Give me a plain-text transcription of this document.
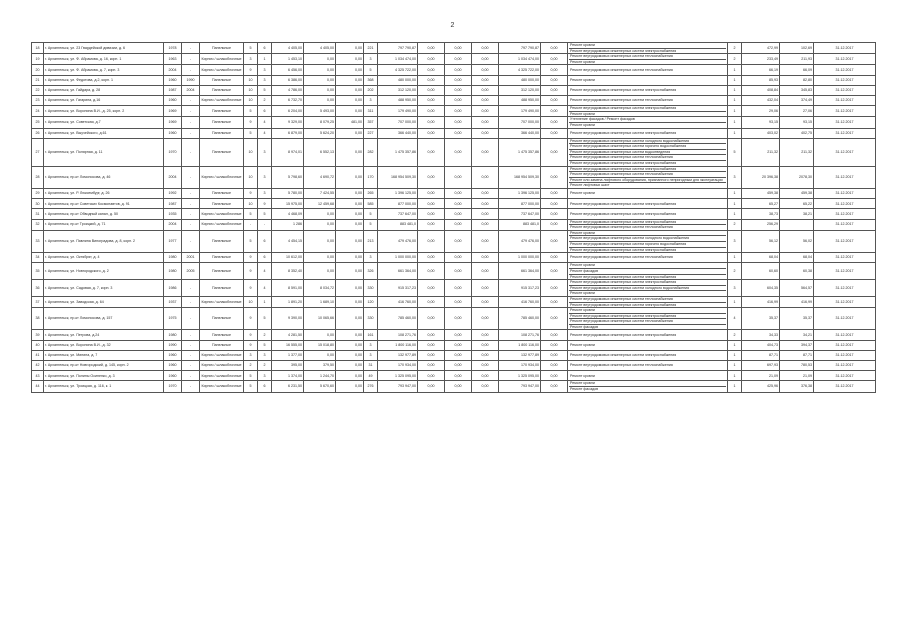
2
18	г. Архангельск, ул. 23 Гвардейской дивизии, д. 6	1978	-	Панельные	5	6	4 405,00	4 405,00	0,00	221	797 790,87	0,00	0,00	0,00	797 790,87	0,00	Ремонт кровли
Ремонт внутридомовых инженерных систем электроснабжения	2	472,99	102,69	31.12.2017
19	г. Архангельск, ул. Ф. Абрамова, д. 16, корп. 1	1963	-	Кирпич / шлакоблочные	3	1	1 453,10	0,00	0,00	3	1 034 474,00	0,00	0,00	0,00	1 034 474,00	0,00	Ремонт внутридомовых инженерных систем теплоснабжения
Ремонт кровли	2	233,49	211,93	31.12.2017
20	г. Архангельск, ул. Ф. Абрамова, д. 7, корп. 3	2004	-	Кирпич / шлакоблочные	9	3	6 456,00	0,00	0,00	5	4 325 722,00	0,00	0,00	0,00	4 325 722,00	0,00	Ремонт внутридомовых инженерных систем теплоснабжения	1	66,19	66,09	31.12.2017
21	г. Архангельск, ул. Федотова, д.2, корп. 1	1960	1990	Панельные	10	3	6 386,00	0,00	0,00	368	480 000,00	0,00	0,00	0,00	480 000,00	0,00	Ремонт кровли	1	85,93	82,80	31.12.2017
22	г. Архангельск, ул. Гайдара, д. 28	1987	2004	Панельные	10	5	4 786,00	0,00	0,00	202	312 120,00	0,00	0,00	0,00	312 120,00	0,00	Ремонт внутридомовых инженерных систем электроснабжения	1	408,84	345,83	31.12.2017
23	г. Архангельск, ул. Гагарина, д.16	1960	-	Кирпич / шлакоблочные	10	2	6 732,70	0,00	0,00	3	488 950,00	0,00	0,00	0,00	488 950,00	0,00	Ремонт внутридомовых инженерных систем теплоснабжения	1	432,04	374,49	31.12.2017
24	г. Архангельск, ул. Воронина В.И., д. 25, корп. 2	1969	-	Панельные	5	6	6 204,00	5 493,00	0,00	311	179 490,00	0,00	0,00	0,00	179 490,00	0,00	Ремонт внутридомовых инженерных систем электроснабжения
Ремонт кровли	1	29,06	27,06	31.12.2017
25	г. Архангельск, ул. Советская, д.7	1969	-	Панельные	9	4	9 329,00	8 079,25	481,00	357	707 000,00	0,00	0,00	0,00	707 000,00	0,00	Утепление фасадов / Ремонт фасадов
Ремонт кровли	1	93,15	93,15	31.12.2017
26	г. Архангельск, ул. Выучейского, д.61	1960	-	Панельные	5	4	6 879,00	5 624,20	0,00	227	366 440,00	0,00	0,00	0,00	366 440,00	0,00	Ремонт внутридомовых инженерных систем электроснабжения	1	403,02	402,75	31.12.2017
27	г. Архангельск, ул. Полярная, д. 11	1970	-	Панельные	10	3	8 974,01	6 552,13	0,00	282	1 475 357,86	0,00	0,00	0,00	1 475 357,86	0,00	Ремонт внутридомовых инженерных систем холодного водоснабжения
Ремонт внутридомовых инженерных систем горячего водоснабжения
Ремонт внутридомовых инженерных систем водоотведения
Ремонт внутридомовых инженерных систем теплоснабжения
Ремонт внутридомовых инженерных систем электроснабжения	5	211,32	211,32	31.12.2017
28	г. Архангельск, пр-кт Ломоносова, д. 46	2004	-	Кирпич / шлакоблочные	10	3	5 798,60	4 690,72	0,00	170	168 954 509,30	0,00	0,00	0,00	168 954 509,30	0,00	Ремонт внутридомовых инженерных систем электроснабжения
Ремонт внутридомовых инженерных систем теплоснабжения
Ремонт или замена лифтового оборудования, признанного непригодным для эксплуатации
Ремонт лифтовых шахт	3	20 396,38	2078,30	31.12.2017
29	г. Архангельск, ул. Р. Люксембург, д. 26	1992	-	Панельные	9	3	5 780,00	7 424,55	0,00	265	1 396 125,00	0,00	0,00	0,00	1 396 125,00	0,00	Ремонт кровли	1	459,38	459,38	31.12.2017
30	г. Архангельск, пр-кт Советских Космонавтов, д. 91	1987	-	Панельные	10	9	15 975,00	12 459,68	0,00	585	877 000,00	0,00	0,00	0,00	877 000,00	0,00	Ремонт внутридомовых инженерных систем электроснабжения	1	65,27	65,22	31.12.2017
31	г. Архангельск, пр-кт Обводный канал, д. 50	1935	-	Кирпич / шлакоблочные	5	5	4 468,09	0,00	0,00	5	737 647,00	0,00	0,00	0,00	737 647,00	0,00	Ремонт внутридомовых инженерных систем электроснабжения	1	38,73	38,21	31.12.2017
32	г. Архангельск, пр-кт Троицкий, д. 71	2004	-	Кирпич / шлакоблочные	-	-	1 286	0,00	0,00	5	883 481,0	0,00	0,00	0,00	883 481,0	0,00	Ремонт внутридомовых инженерных систем электроснабжения
Ремонт внутридомовых инженерных систем теплоснабжения	2	256,29		31.12.2017
33	г. Архангельск, ул. Павлина Виноградова, д. 8, корп. 2	1977	-	Панельные	5	6	4 454,15	0,00	0,00	213	479 476,00	0,00	0,00	0,00	479 476,00	0,00	Ремонт кровли
Ремонт внутридомовых инженерных систем холодного водоснабжения
Ремонт внутридомовых инженерных систем горячего водоснабжения
Ремонт внутридомовых инженерных систем электроснабжения	3	56,12	56,02	31.12.2017
34	г. Архангельск, ул. Октябрят, д. 4	1980	2001	Панельные	9	6	10 612,00	0,00	0,00	3	1 000 000,00	0,00	0,00	0,00	1 000 000,00	0,00	Ремонт внутридомовых инженерных систем теплоснабжения	1	68,04	68,04	31.12.2017
35	г. Архангельск, ул. Новгородского, д. 2	1980	2005	Панельные	9	4	8 352,40	0,00	0,00	326	661 364,00	0,00	0,00	0,00	661 364,00	0,00	Ремонт кровли
Ремонт фасадов
Ремонт внутридомовых инженерных систем электроснабжения	2	60,60	60,38	31.12.2017
36	г. Архангельск, ул. Садовая, д. 7, корп. 3	1986	-	Панельные	9	4	8 591,00	8 034,72	0,00	330	915 317,23	0,00	0,00	0,00	915 317,23	0,00	Ремонт внутридомовых инженерных систем электроснабжения
Ремонт внутридомовых инженерных систем холодного водоснабжения
Ремонт кровли	3	604,35	564,57	31.12.2017
37	г. Архангельск, ул. Заводская, д. 64	1937	-	Кирпич / шлакоблочные	10	1	1 891,20	1 689,10	0,00	120	416 760,00	0,00	0,00	0,00	416 760,00	0,00	Ремонт внутридомовых инженерных систем теплоснабжения
Ремонт внутридомовых инженерных систем электроснабжения	1	416,99	416,99	31.12.2017
38	г. Архангельск, пр-кт Ломоносова, д. 157	1975	-	Панельные	9	5	9 390,00	10 065,66	0,00	330	785 460,00	0,00	0,00	0,00	785 460,00	0,00	Ремонт кровли
Ремонт внутридомовых инженерных систем электроснабжения
Ремонт внутридомовых инженерных систем теплоснабжения
Ремонт фасадов	4	35,37	35,37	31.12.2017
39	г. Архангельск, ул. Петрова, д.24	1980	-	Панельные	9	2	4 281,50	0,00	0,00	161	108 271,76	0,00	0,00	0,00	108 271,76	0,00	Ремонт внутридомовых инженерных систем электроснабжения	2	34,33	34,21	31.12.2017
40	г. Архангельск, ул. Воронина В.И., д. 32	1990	-	Панельные	9	5	16 555,00	15 018,80	0,00	3	1 800 116,00	0,00	0,00	0,00	1 800 116,00	0,00	Ремонт кровли	1	404,73	394,37	31.12.2017
41	г. Архангельск, ул. Минина, д. 7	1960	-	Кирпич / шлакоблочные	3	3	1 377,00	0,00	0,00	3	132 977,89	0,00	0,00	0,00	132 977,89	0,00	Ремонт внутридомовых инженерных систем электроснабжения	1	87,71	87,71	31.12.2017
42	г. Архангельск, пр-кт Новгородский, д. 145, корп. 2	1960	-	Кирпич / шлакоблочные	2	2	395,00	379,50	0,00	31	170 934,00	0,00	0,00	0,00	170 934,00	0,00	Ремонт внутридомовых инженерных систем теплоснабжения	1	697,93	780,53	31.12.2017
43	г. Архангельск, ул. Полины Осипенко, д. 3	1960	-	Кирпич / шлакоблочные	5	3	1 374,00	1 244,70	0,00	49	1 325 095,00	0,00	0,00	0,00	1 325 095,00	0,00	Ремонт кровли	1	21,09	21,09	31.12.2017
44	г. Архангельск, ул. Троицкая, д. 116, к. 1	1970	-	Кирпич / шлакоблочные	5	6	6 231,50	5 670,60	0,00	276	793 947,00	0,00	0,00	0,00	793 947,00	0,00	Ремонт кровли
Ремонт фасадов	1	425,96	376,38	31.12.2017
